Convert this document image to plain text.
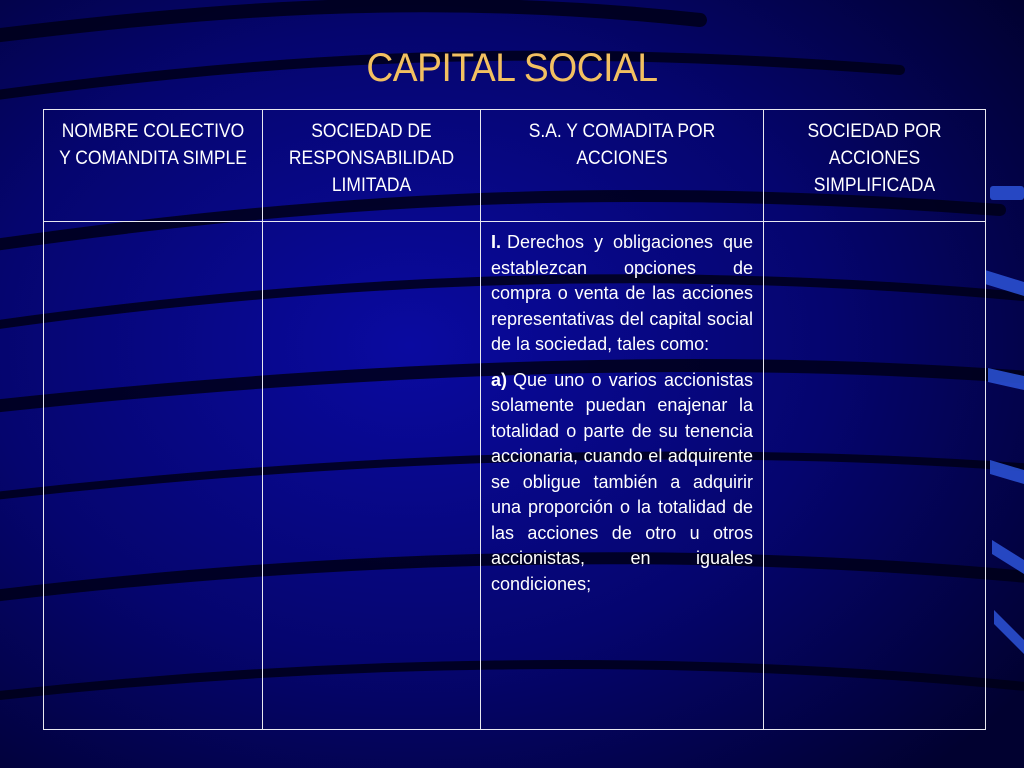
CAPITAL SOCIAL
NOMBRE COLECTIVO Y COMANDITA SIMPLE	SOCIEDAD DE RESPONSABILIDAD LIMITADA	S.A. Y COMADITA POR ACCIONES	SOCIEDAD POR ACCIONES SIMPLIFICADA

		I. Derechos y obligaciones que establezcan opciones de compra o venta de las acciones representativas del capital social de la sociedad, tales como:

a) Que uno o varios accionistas solamente puedan enajenar la totalidad o parte de su tenencia accionaria, cuando el adquirente se obligue también a adquirir una proporción o la totalidad de las acciones de otro u otros accionistas, en iguales condiciones;	
